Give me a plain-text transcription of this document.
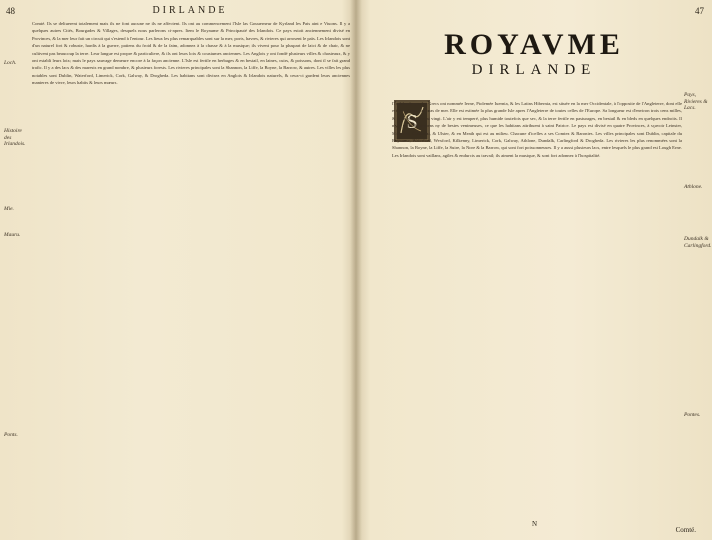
48	DIRLANDE
Loch.
Histoire des Irlandois.
Mie.
Mauru.
Ponts.

Comté. Ils se deliuerent totalement mais ils ne font aucune ne ils ne affectent. Ils ont au commencement l'Isle las Gouuerneur de Kyrland les Pais aint e Viuons. Il y a quelques autres Cités, Bourgades & Villages, desquels nous parlerons ci-apres. Item le Royaume & Principauté des Irlandois. Ce pays estoit anciennement divisé en Provinces, & la mer leur fait un circuit qui s'estend à l'entour. Les lieux les plus remarquables sont sur la mer, ports, havres, & rivieres qui arrosent le païs. Les Irlandois sont d'un naturel fort & robuste, hardis à la guerre, patiens du froid & de la faim, adonnez à la chasse & à la musique; ils vivent pour la pluspart de laict & de chair, & ne cultivent pas beaucoup la terre. Leur langue est propre & particuliere, & ils ont leurs loix & coustumes anciennes. Les Anglois y ont fondé plusieurs villes & chasteaux, & y ont establi leurs loix; mais le pays sauvage demeure encore à la façon ancienne. L'Isle est fertile en herbages & en bestail, en laines, cuirs, & poissons, dont il se fait grand trafic. Il y a des lacs & des marests en grand nombre, & plusieurs forests. Les rivieres principales sont la Shannon, la Liffe, la Boyne, la Barrow, & autres. Les villes les plus notables sont Dublin, Waterford, Limerick, Cork, Galway, & Drogheda. Les habitans sont divisez en Anglois & Irlandois naturels, & ceux-ci gardent leurs anciennes manieres de vivre, leurs habits & leurs mœurs.

47
ROYAVME
DIRLANDE
S
Pays, Rivieres & Lacs.
Athlone.
Dundalk & Carlingford.
Pontes.

ITe Islande que les Grecs ont nommée Ierne, Ptolemée Iuernia, & les Latins Hibernia, est située en la mer Occidentale, à l'opposite de l'Angleterre, dont elle est separée par un bras de mer. Elle est estimée la plus grande Isle apres l'Angleterre de toutes celles de l'Europe. Sa longueur est d'environ trois cens milles, & sa largeur de cent vingt. L'air y est temperé, plus humide toutefois que sec, & la terre fertile en pasturages, en bestail & en bleds en quelques endroits. Il n'y a point de serpens ny de bestes venimeuses, ce que les habitans attribuent à saint Patrice. Le pays est divisé en quatre Provinces, à sçavoir Leinster, Mounster, Connacht, & Ulster, & en Meath qui est au milieu. Chacune d'icelles a ses Comtez & Baronies. Les villes principales sont Dublin, capitale du Royaume, Waterford, Wexford, Kilkenny, Limerick, Cork, Galway, Athlone, Dundalk, Carlingford & Drogheda. Les rivieres les plus renommées sont la Shannon, la Boyne, la Liffe, la Suire, la Nore & la Barrow, qui sont fort poissonneuses. Il y a aussi plusieurs lacs, entre lesquels le plus grand est Lough Erne. Les Irlandois sont vaillans, agiles & endurcis au travail; ils aiment la musique, & sont fort adonnez à l'hospitalité.

N
Comté.
